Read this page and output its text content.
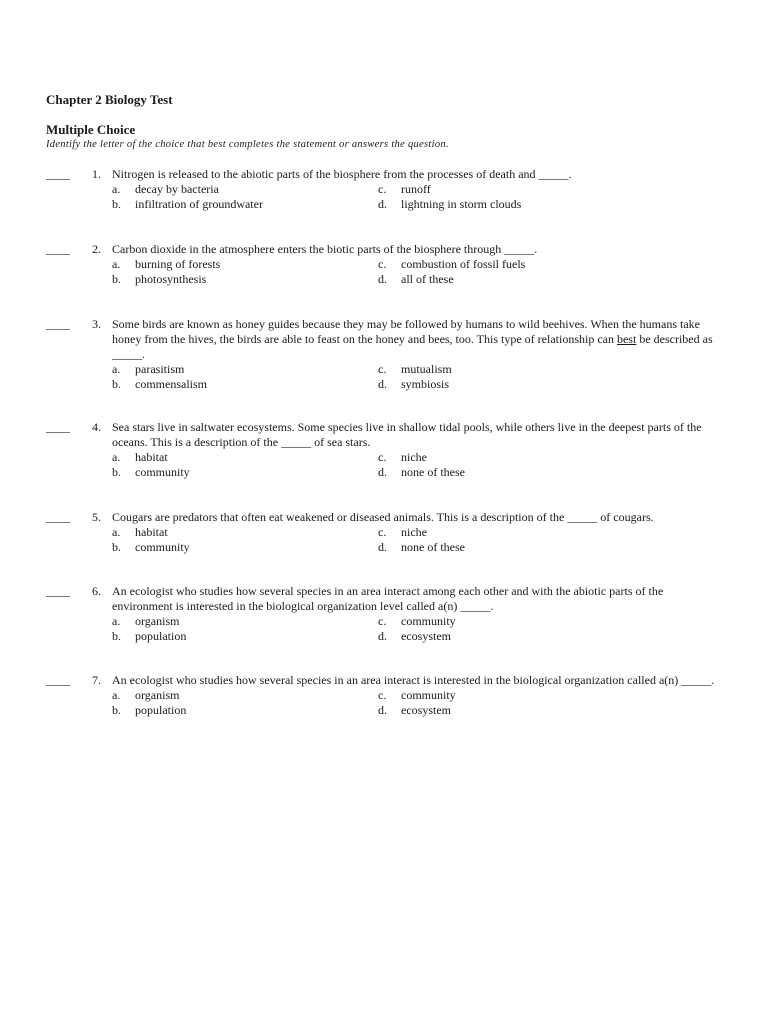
Chapter 2 Biology Test
Multiple Choice
Identify the letter of the choice that best completes the statement or answers the question.
____ 1. Nitrogen is released to the abiotic parts of the biosphere from the processes of death and _____.
a. decay by bacteria
b. infiltration of groundwater
c. runoff
d. lightning in storm clouds
____ 2. Carbon dioxide in the atmosphere enters the biotic parts of the biosphere through _____.
a. burning of forests
b. photosynthesis
c. combustion of fossil fuels
d. all of these
____ 3. Some birds are known as honey guides because they may be followed by humans to wild beehives. When the humans take honey from the hives, the birds are able to feast on the honey and bees, too. This type of relationship can best be described as _____.
a. parasitism
b. commensalism
c. mutualism
d. symbiosis
____ 4. Sea stars live in saltwater ecosystems. Some species live in shallow tidal pools, while others live in the deepest parts of the oceans. This is a description of the _____ of sea stars.
a. habitat
b. community
c. niche
d. none of these
____ 5. Cougars are predators that often eat weakened or diseased animals. This is a description of the _____ of cougars.
a. habitat
b. community
c. niche
d. none of these
____ 6. An ecologist who studies how several species in an area interact among each other and with the abiotic parts of the environment is interested in the biological organization level called a(n) _____.
a. organism
b. population
c. community
d. ecosystem
____ 7. An ecologist who studies how several species in an area interact is interested in the biological organization called a(n) _____.
a. organism
b. population
c. community
d. ecosystem
